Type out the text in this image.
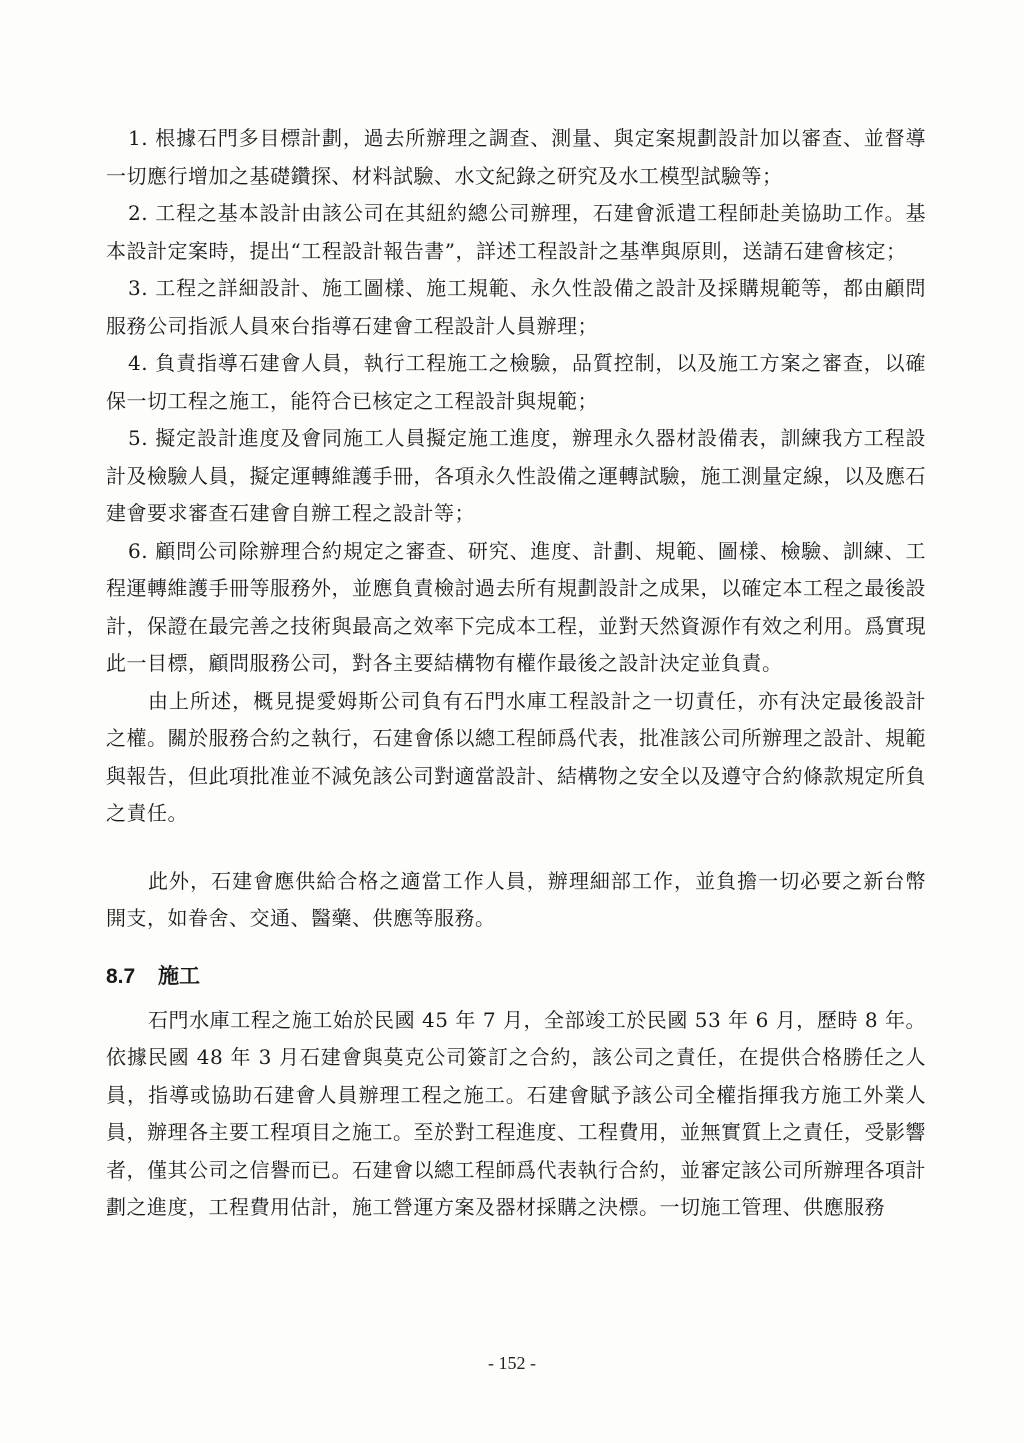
1. 根據石門多目標計劃，過去所辦理之調查、測量、與定案規劃設計加以審查、並督導一切應行增加之基礎鑽探、材料試驗、水文紀錄之研究及水工模型試驗等；

2. 工程之基本設計由該公司在其紐約總公司辦理，石建會派遣工程師赴美協助工作。基本設計定案時，提出“工程設計報告書”，詳述工程設計之基準與原則，送請石建會核定；

3. 工程之詳細設計、施工圖樣、施工規範、永久性設備之設計及採購規範等，都由顧問服務公司指派人員來台指導石建會工程設計人員辦理；

4. 負責指導石建會人員，執行工程施工之檢驗，品質控制，以及施工方案之審查，以確保一切工程之施工，能符合已核定之工程設計與規範；

5. 擬定設計進度及會同施工人員擬定施工進度，辦理永久器材設備表，訓練我方工程設計及檢驗人員，擬定運轉維護手冊，各項永久性設備之運轉試驗，施工測量定線，以及應石建會要求審查石建會自辦工程之設計等；

6. 顧問公司除辦理合約規定之審查、研究、進度、計劃、規範、圖樣、檢驗、訓練、工程運轉維護手冊等服務外，並應負責檢討過去所有規劃設計之成果，以確定本工程之最後設計，保證在最完善之技術與最高之效率下完成本工程，並對天然資源作有效之利用。爲實現此一目標，顧問服務公司，對各主要結構物有權作最後之設計決定並負責。

由上所述，概見提愛姆斯公司負有石門水庫工程設計之一切責任，亦有決定最後設計之權。關於服務合約之執行，石建會係以總工程師爲代表，批准該公司所辦理之設計、規範與報告，但此項批准並不減免該公司對適當設計、結構物之安全以及遵守合約條款規定所負之責任。

此外，石建會應供給合格之適當工作人員，辦理細部工作，並負擔一切必要之新台幣開支，如眷舍、交通、醫藥、供應等服務。

8.7 施工

石門水庫工程之施工始於民國 45 年 7 月，全部竣工於民國 53 年 6 月，歷時 8 年。依據民國 48 年 3 月石建會與莫克公司簽訂之合約，該公司之責任，在提供合格勝任之人員，指導或協助石建會人員辦理工程之施工。石建會賦予該公司全權指揮我方施工外業人員，辦理各主要工程項目之施工。至於對工程進度、工程費用，並無實質上之責任，受影響者，僅其公司之信譽而已。石建會以總工程師爲代表執行合約，並審定該公司所辦理各項計劃之進度，工程費用估計，施工營運方案及器材採購之決標。一切施工管理、供應服務

- 152 -
